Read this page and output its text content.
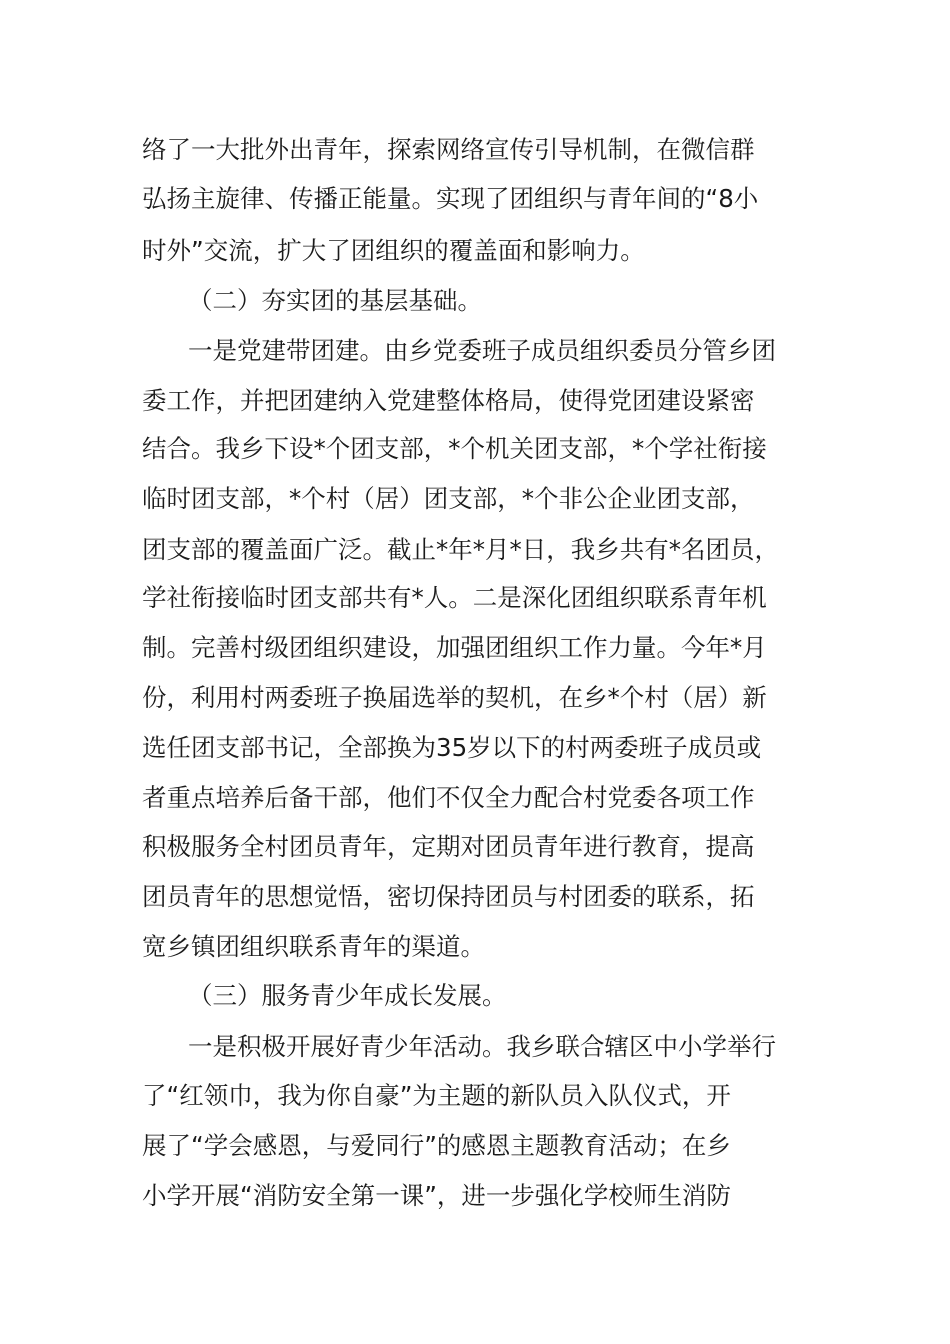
络了一大批外出青年，探索网络宣传引导机制，在微信群
弘扬主旋律、传播正能量。实现了团组织与青年间的“8小
时外”交流，扩大了团组织的覆盖面和影响力。
（二）夯实团的基层基础。
一是党建带团建。由乡党委班子成员组织委员分管乡团
委工作，并把团建纳入党建整体格局，使得党团建设紧密
结合。我乡下设*个团支部，*个机关团支部，*个学社衔接
临时团支部，*个村（居）团支部，*个非公企业团支部，
团支部的覆盖面广泛。截止*年*月*日，我乡共有*名团员，
学社衔接临时团支部共有*人。二是深化团组织联系青年机
制。完善村级团组织建设，加强团组织工作力量。今年*月
份，利用村两委班子换届选举的契机，在乡*个村（居）新
选任团支部书记，全部换为35岁以下的村两委班子成员或
者重点培养后备干部，他们不仅全力配合村党委各项工作
积极服务全村团员青年，定期对团员青年进行教育，提高
团员青年的思想觉悟，密切保持团员与村团委的联系，拓
宽乡镇团组织联系青年的渠道。
（三）服务青少年成长发展。
一是积极开展好青少年活动。我乡联合辖区中小学举行
了“红领巾，我为你自豪”为主题的新队员入队仪式，开
展了“学会感恩，与爱同行”的感恩主题教育活动；在乡
小学开展“消防安全第一课”，进一步强化学校师生消防
